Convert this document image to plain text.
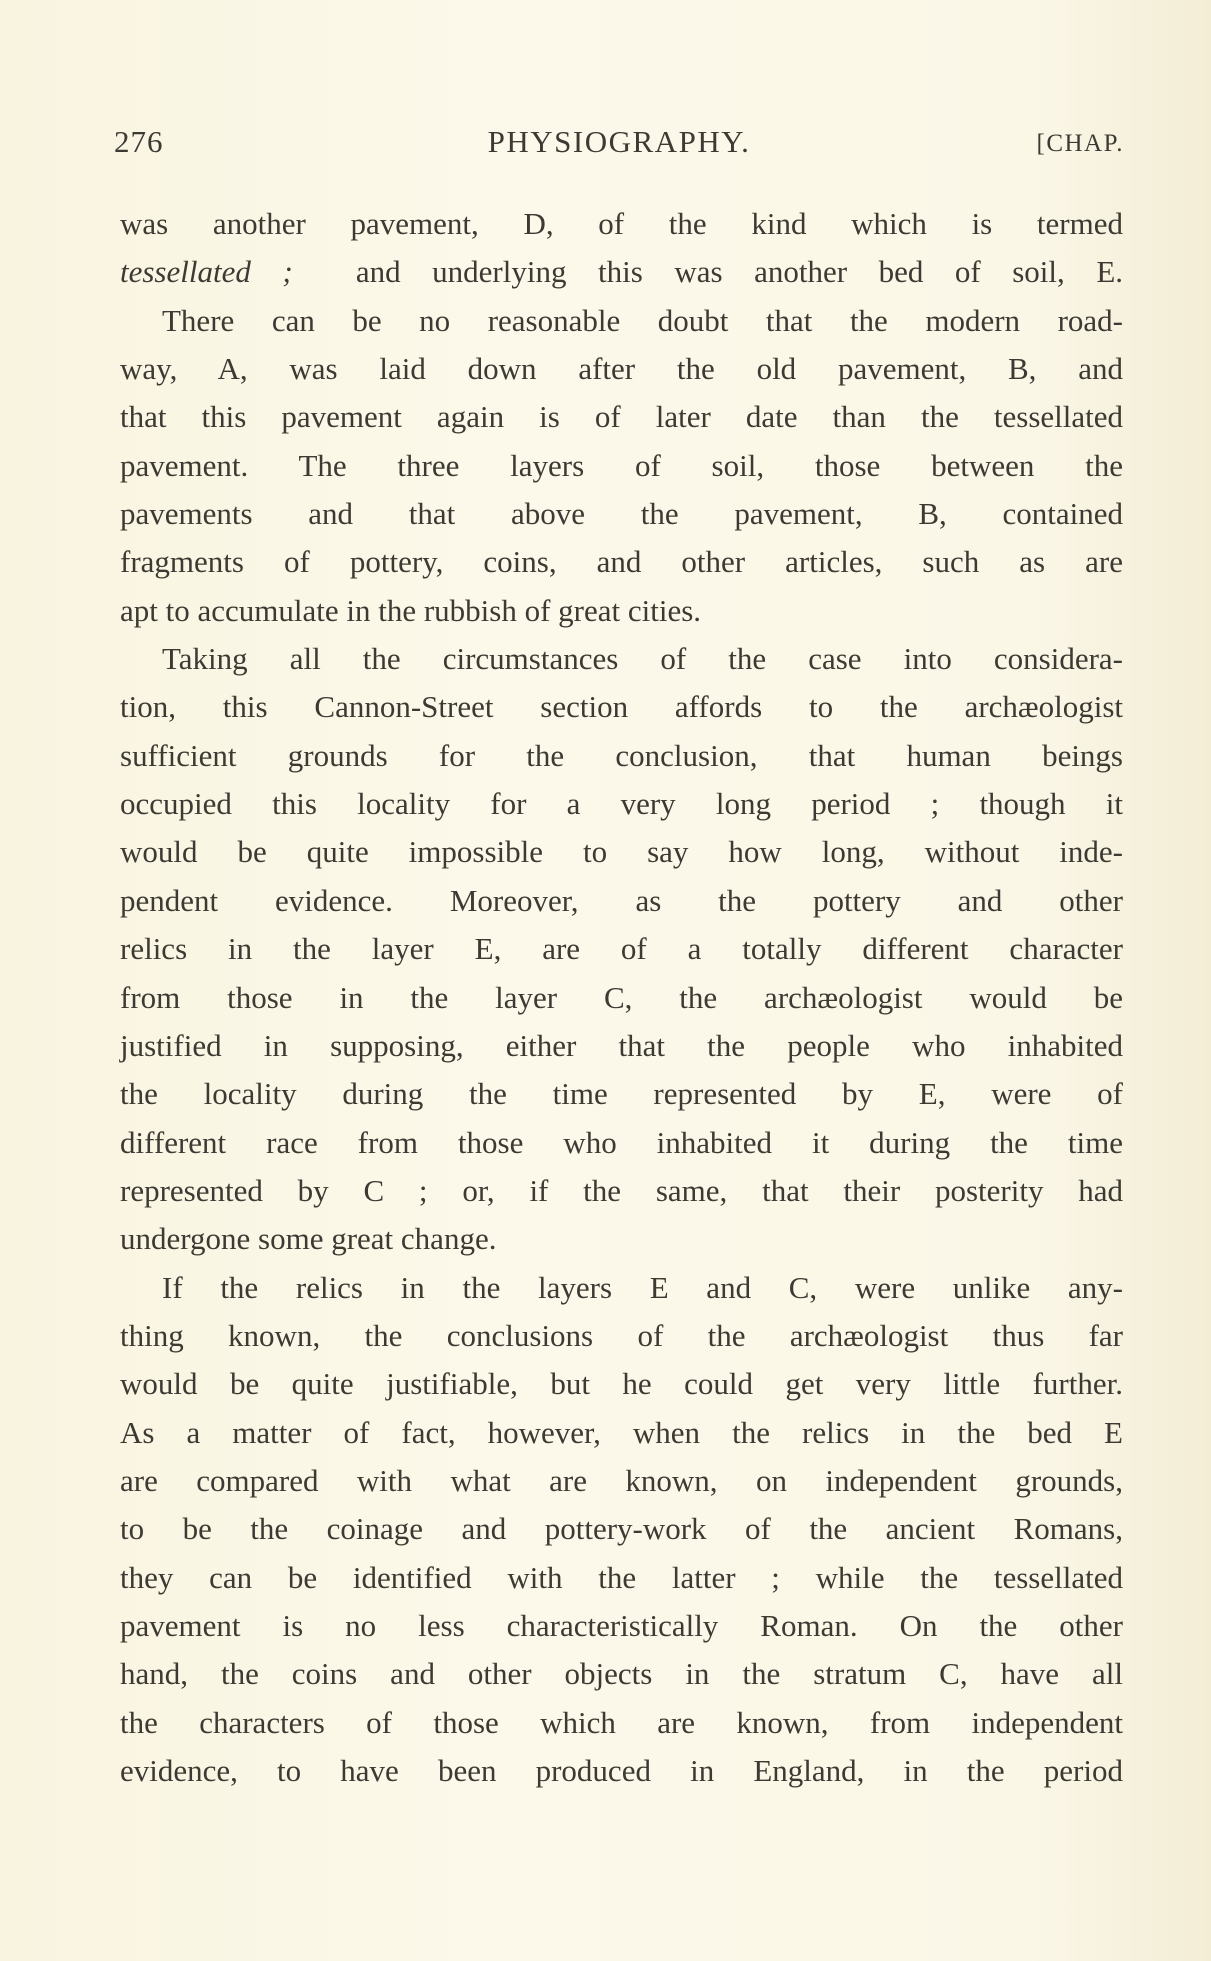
276	PHYSIOGRAPHY.	[CHAP.
was another pavement, D, of the kind which is termed
tessellated ; and underlying this was another bed of soil, E.
There can be no reasonable doubt that the modern road-
way, A, was laid down after the old pavement, B, and
that this pavement again is of later date than the tessellated
pavement. The three layers of soil, those between the
pavements and that above the pavement, B, contained
fragments of pottery, coins, and other articles, such as are
apt to accumulate in the rubbish of great cities.
Taking all the circumstances of the case into considera-
tion, this Cannon-Street section affords to the archæologist
sufficient grounds for the conclusion, that human beings
occupied this locality for a very long period ; though it
would be quite impossible to say how long, without inde-
pendent evidence. Moreover, as the pottery and other
relics in the layer E, are of a totally different character
from those in the layer C, the archæologist would be
justified in supposing, either that the people who inhabited
the locality during the time represented by E, were of
different race from those who inhabited it during the time
represented by C ; or, if the same, that their posterity had
undergone some great change.
If the relics in the layers E and C, were unlike any-
thing known, the conclusions of the archæologist thus far
would be quite justifiable, but he could get very little further.
As a matter of fact, however, when the relics in the bed E
are compared with what are known, on independent grounds,
to be the coinage and pottery-work of the ancient Romans,
they can be identified with the latter ; while the tessellated
pavement is no less characteristically Roman. On the other
hand, the coins and other objects in the stratum C, have all
the characters of those which are known, from independent
evidence, to have been produced in England, in the period
